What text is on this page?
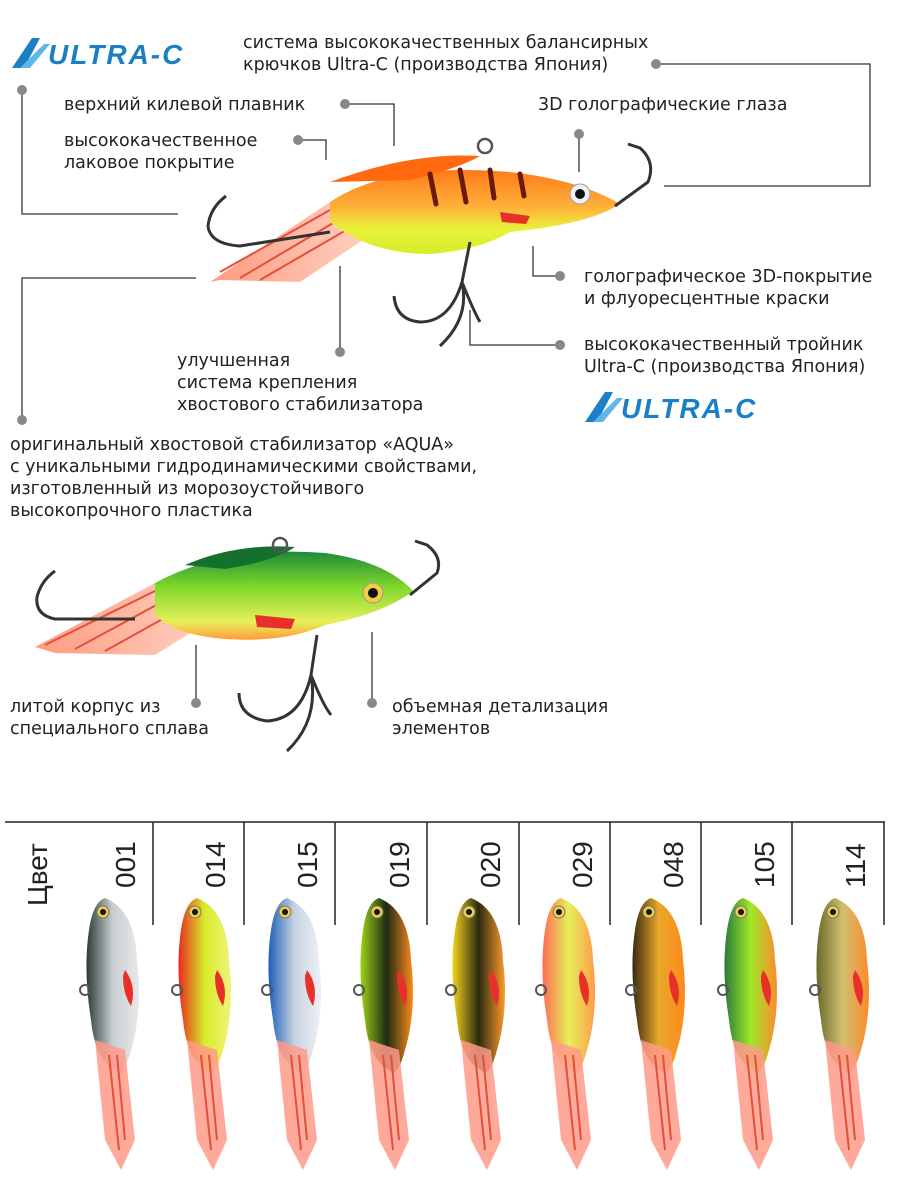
ULTRA-C
ULTRA-C
система высококачественных балансирных
крючков Ultra-C (производства Япония)
верхний килевой плавник
высококачественное
лаковое покрытие
3D голографические глаза
голографическое 3D-покрытие
и флуоресцентные краски
высококачественный тройник
Ultra-C (производства Япония)
улучшенная
система крепления
хвостового стабилизатора
оригинальный хвостовой стабилизатор «AQUA»
с уникальными гидродинамическими свойствами,
изготовленный из морозоустойчивого
высокопрочного пластика
литой корпус из
специального сплава
объемная детализация
элементов
Цвет 001 014 015 019 020 029 048 105 114
